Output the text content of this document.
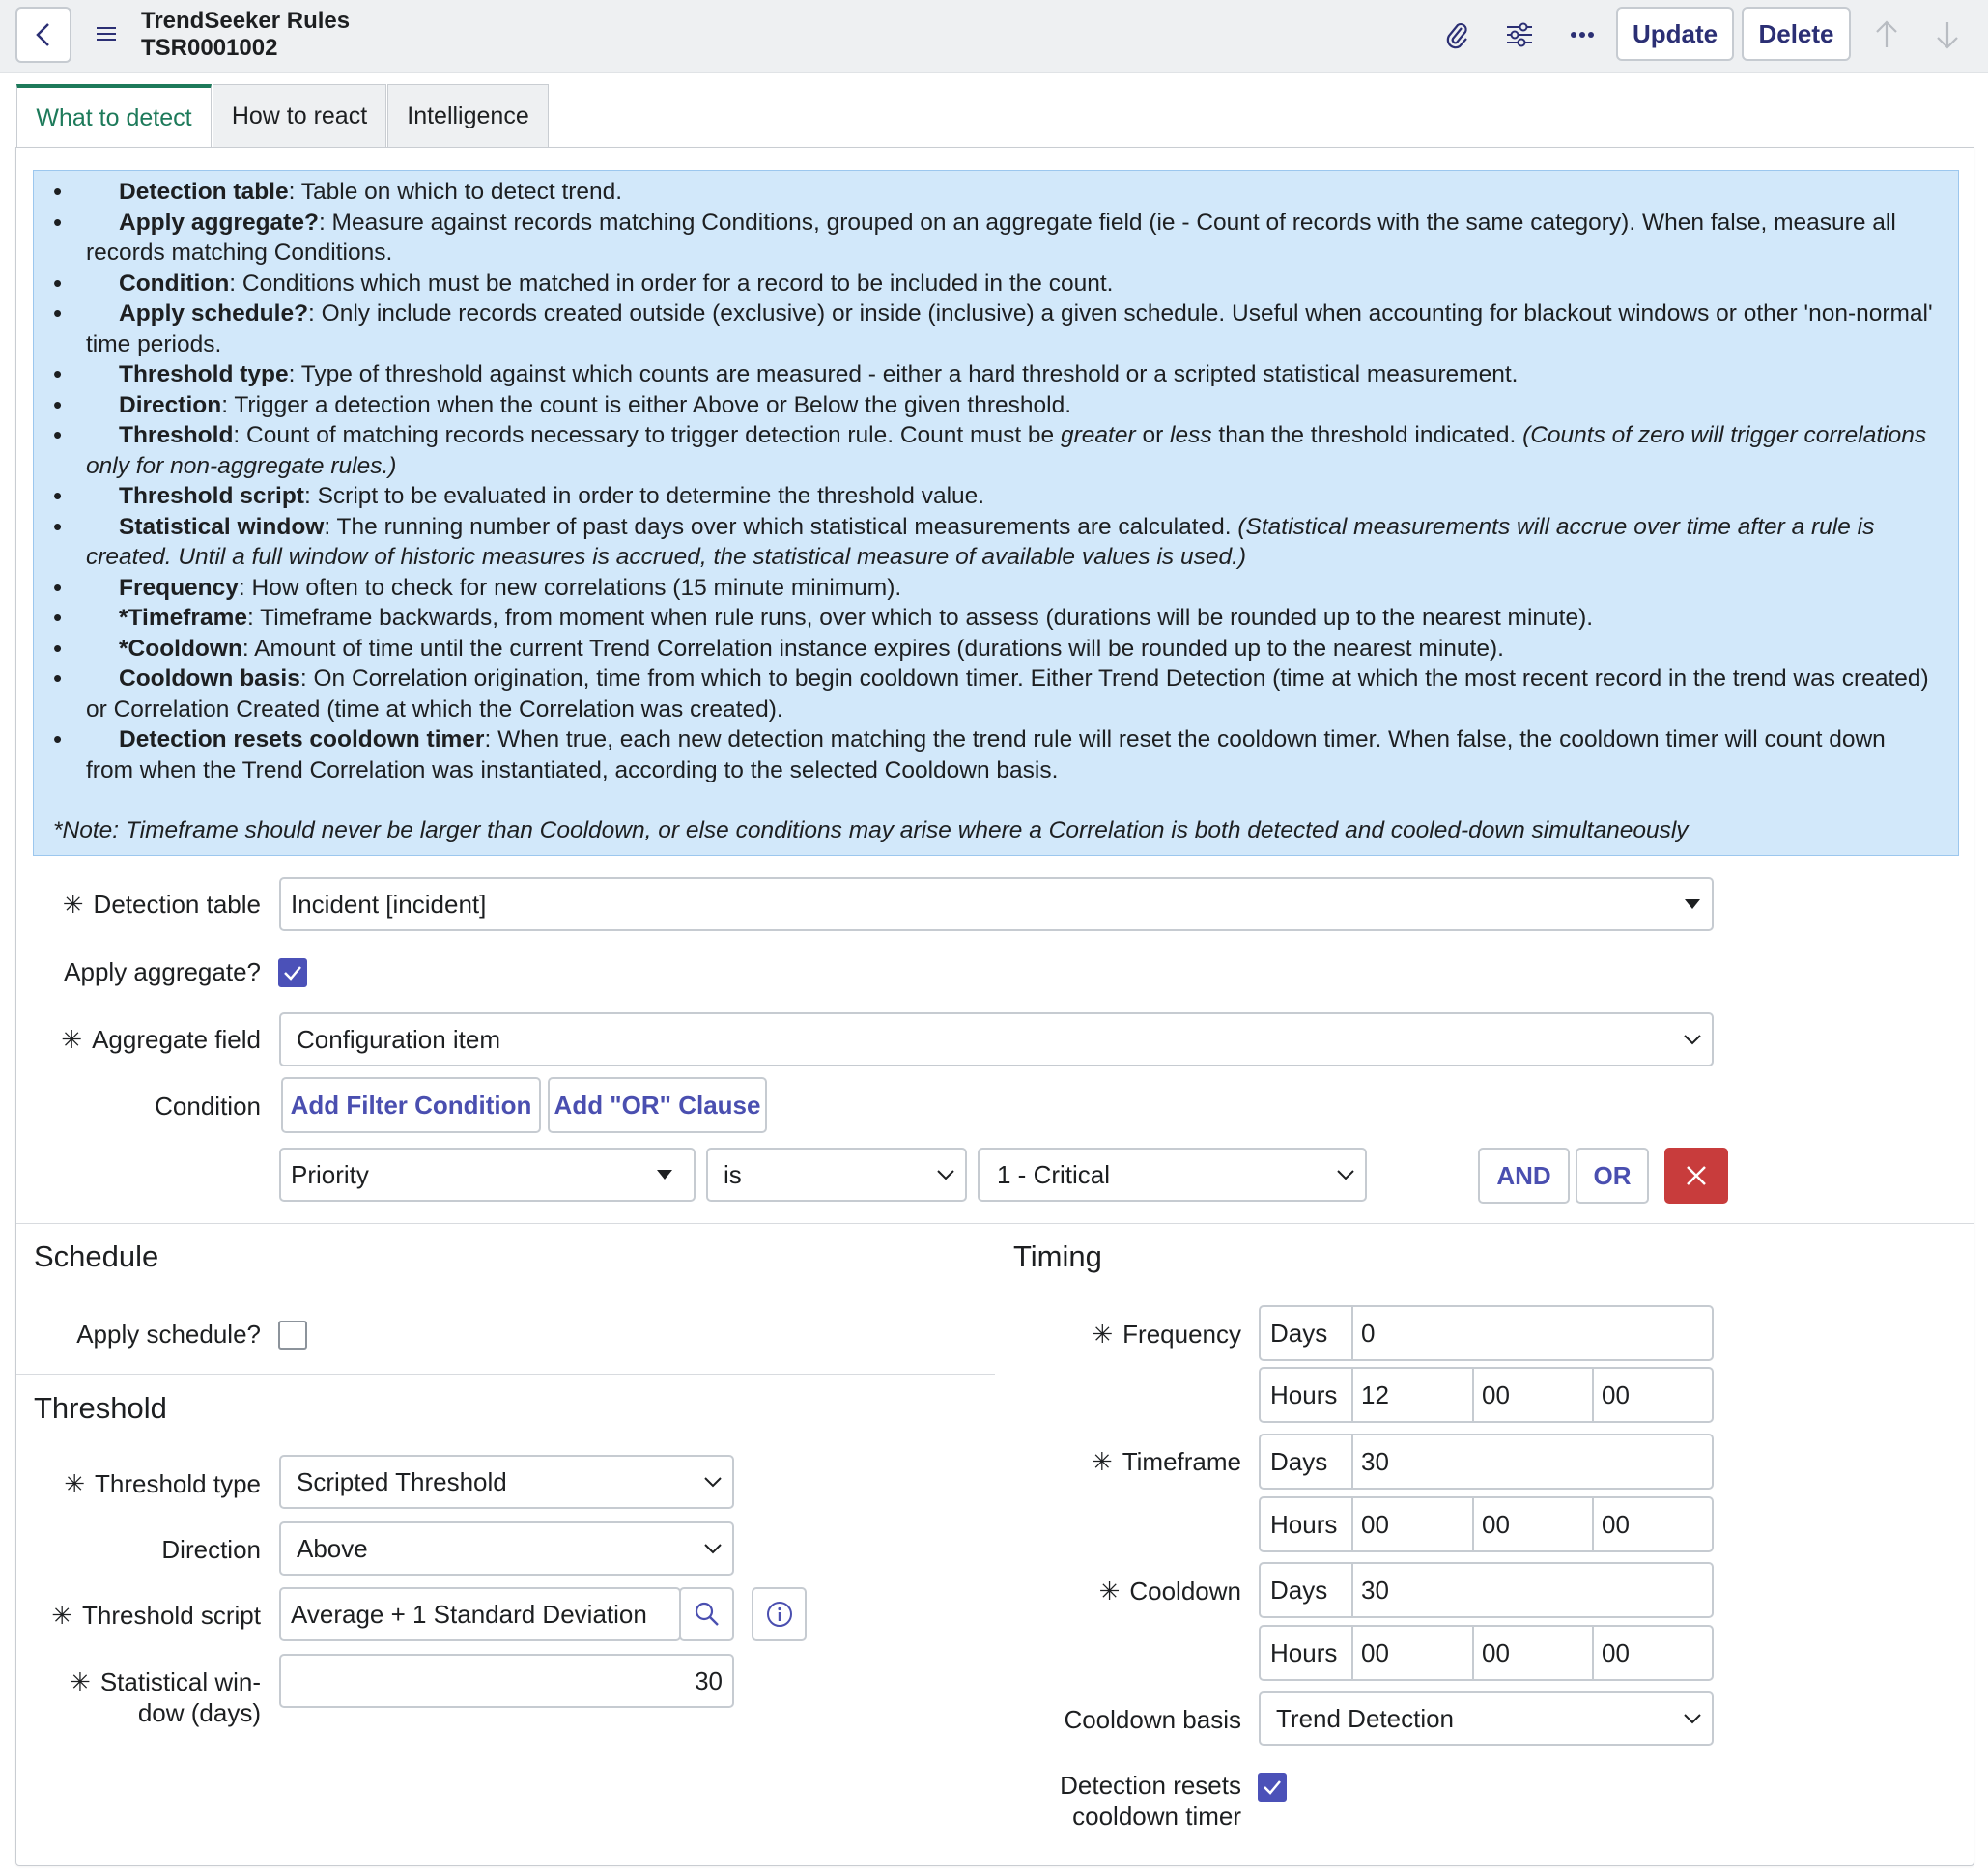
TrendSeeker Rules
TSR0001002	Update	Delete
What to detect	How to react	Intelligence
• Detection table: Table on which to detect trend.
• Apply aggregate?: Measure against records matching Conditions, grouped on an aggregate field (ie - Count of records with the same category). When false, measure all records matching Conditions.
• Condition: Conditions which must be matched in order for a record to be included in the count.
• Apply schedule?: Only include records created outside (exclusive) or inside (inclusive) a given schedule. Useful when accounting for blackout windows or other 'non-normal' time periods.
• Threshold type: Type of threshold against which counts are measured - either a hard threshold or a scripted statistical measurement.
• Direction: Trigger a detection when the count is either Above or Below the given threshold.
• Threshold: Count of matching records necessary to trigger detection rule. Count must be greater or less than the threshold indicated. (Counts of zero will trigger correlations only for non-aggregate rules.)
• Threshold script: Script to be evaluated in order to determine the threshold value.
• Statistical window: The running number of past days over which statistical measurements are calculated. (Statistical measurements will accrue over time after a rule is created. Until a full window of historic measures is accrued, the statistical measure of available values is used.)
• Frequency: How often to check for new correlations (15 minute minimum).
• *Timeframe: Timeframe backwards, from moment when rule runs, over which to assess (durations will be rounded up to the nearest minute).
• *Cooldown: Amount of time until the current Trend Correlation instance expires (durations will be rounded up to the nearest minute).
• Cooldown basis: On Correlation origination, time from which to begin cooldown timer. Either Trend Detection (time at which the most recent record in the trend was created) or Correlation Created (time at which the Correlation was created).
• Detection resets cooldown timer: When true, each new detection matching the trend rule will reset the cooldown timer. When false, the cooldown timer will count down from when the Trend Correlation was instantiated, according to the selected Cooldown basis.
*Note: Timeframe should never be larger than Cooldown, or else conditions may arise where a Correlation is both detected and cooled-down simultaneously
✳ Detection table Incident [incident]
Apply aggregate?
✳ Aggregate field Configuration item
Condition	Add Filter Condition Add "OR" Clause
Priority	is	1 - Critical	AND	OR
Schedule
Apply schedule?
Threshold
✳ Threshold type Scripted Threshold
Direction Above
✳ Threshold script Average + 1 Standard Deviation
✳ Statistical win-
dow (days)
30
Timing
✳ Frequency	Days	0
Hours 12	00	00
✳ Timeframe	Days	30
Hours 00	00	00
✳ Cooldown	Days	30
Hours 00	00	00
Cooldown basis Trend Detection
Detection resets
cooldown timer
